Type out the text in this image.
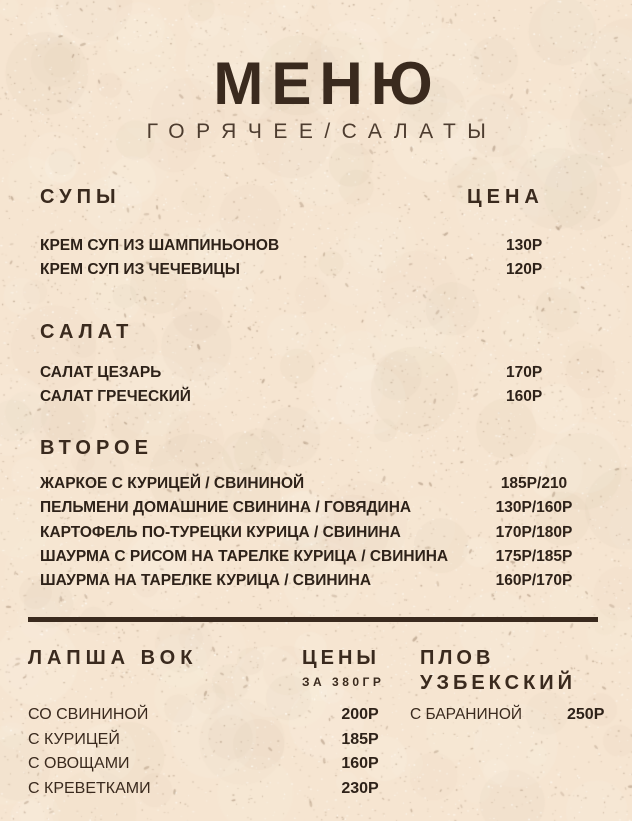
МЕНЮ
ГОРЯЧЕЕ/САЛАТЫ
СУПЫ	ЦЕНА
КРЕМ СУП ИЗ ШАМПИНЬОНОВ	130Р
КРЕМ СУП ИЗ ЧЕЧЕВИЦЫ	120Р
САЛАТ
САЛАТ ЦЕЗАРЬ	170Р
САЛАТ ГРЕЧЕСКИЙ	160Р
ВТОРОЕ
ЖАРКОЕ С КУРИЦЕЙ / СВИНИНОЙ	185Р/210
ПЕЛЬМЕНИ ДОМАШНИЕ СВИНИНА / ГОВЯДИНА	130Р/160Р
КАРТОФЕЛЬ ПО-ТУРЕЦКИ КУРИЦА / СВИНИНА	170Р/180Р
ШАУРМА С РИСОМ НА ТАРЕЛКЕ КУРИЦА / СВИНИНА	175Р/185Р
ШАУРМА НА ТАРЕЛКЕ КУРИЦА / СВИНИНА	160Р/170Р
ЛАПША ВОК	ЦЕНЫ
ЗА 380ГР
СО СВИНИНОЙ	200Р
С КУРИЦЕЙ	185Р
С ОВОЩАМИ	160Р
С КРЕВЕТКАМИ	230Р
ПЛОВ
УЗБЕКСКИЙ
С БАРАНИНОЙ	250Р
